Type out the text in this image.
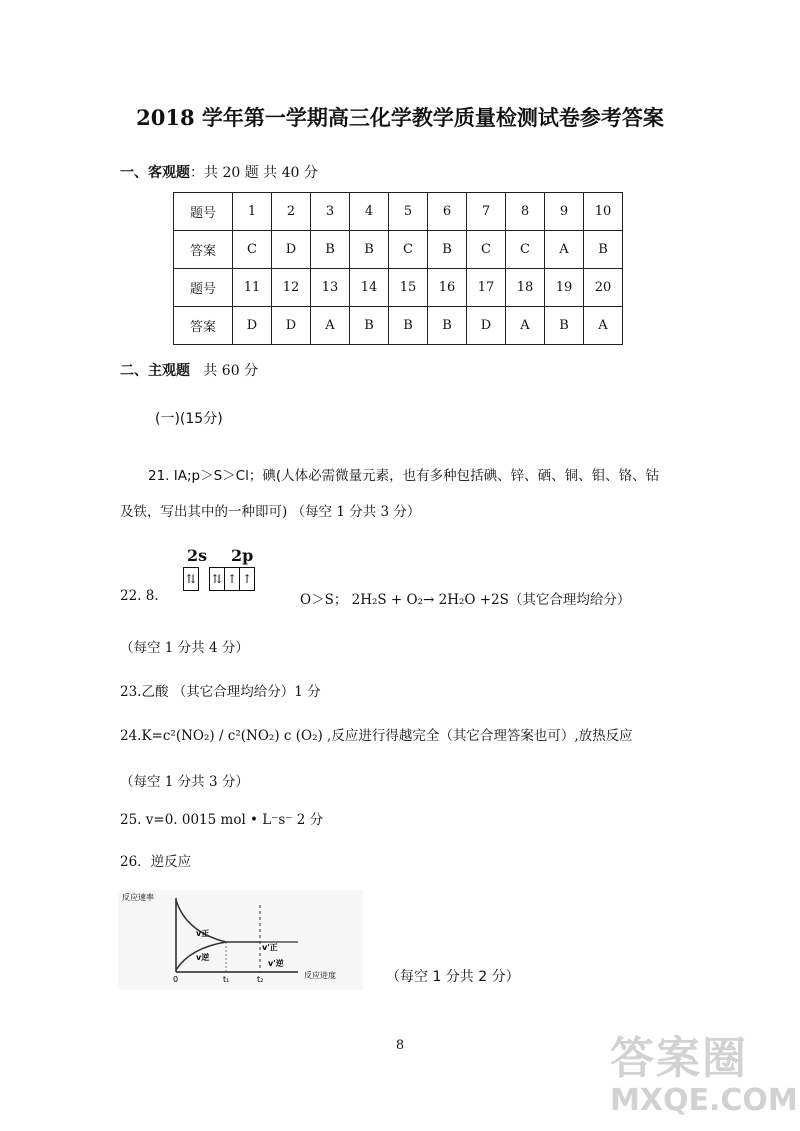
2018 学年第一学期高三化学教学质量检测试卷参考答案
一、客观题：共 20 题 共 40 分
题号	1	2	3	4	5	6	7	8	9	10
答案	C	D	B	B	C	B	C	C	A	B
题号	11	12	13	14	15	16	17	18	19	20
答案	D	D	A	B	B	B	D	A	B	A
二、主观题 共 60 分
(一)(15分)
21. IA;p＞S＞Cl；碘(人体必需微量元素，也有多种包括碘、锌、硒、铜、钼、铬、钴
及铁，写出其中的一种即可) （每空 1 分共 3 分）
22. 8.
2s 2p
⇅ ⇅ ↑ ↑
O＞S； 2H₂S + O₂→ 2H₂O +2S（其它合理均给分）
（每空 1 分共 4 分）
23.乙酸 （其它合理均给分）1 分
24.K=c²(NO₂) / c²(NO₂) c (O₂) ,反应进行得越完全（其它合理答案也可）,放热反应
（每空 1 分共 3 分）
25. v=0. 0015 mol • L⁻s⁻ 2 分
26．逆反应
反应速率
反应进度
0	t₁	t₂
v正
v逆
v'正
v'逆
（每空 1 分共 2 分）
8	答案圈
MXQE.COM
